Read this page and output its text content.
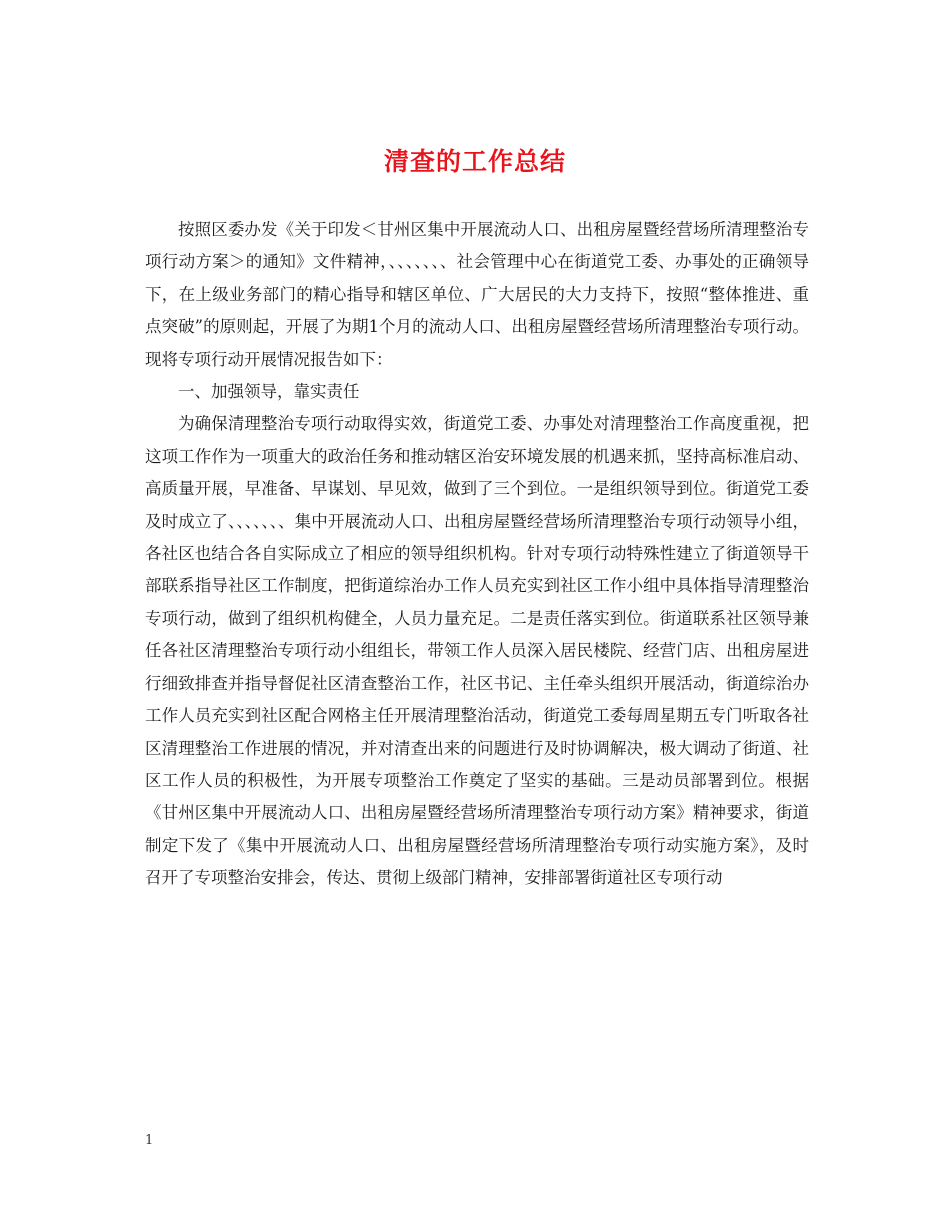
清查的工作总结

按照区委办发《关于印发＜甘州区集中开展流动人口、出租房屋暨经营场所清理整治专项行动方案＞的通知》文件精神，、、、、、、、社会管理中心在街道党工委、办事处的正确领导下，在上级业务部门的精心指导和辖区单位、广大居民的大力支持下，按照“整体推进、重点突破”的原则起，开展了为期1个月的流动人口、出租房屋暨经营场所清理整治专项行动。现将专项行动开展情况报告如下：

一、加强领导，靠实责任

为确保清理整治专项行动取得实效，街道党工委、办事处对清理整治工作高度重视，把这项工作作为一项重大的政治任务和推动辖区治安环境发展的机遇来抓，坚持高标准启动、高质量开展，早准备、早谋划、早见效，做到了三个到位。一是组织领导到位。街道党工委及时成立了、、、、、、、集中开展流动人口、出租房屋暨经营场所清理整治专项行动领导小组，各社区也结合各自实际成立了相应的领导组织机构。针对专项行动特殊性建立了街道领导干部联系指导社区工作制度，把街道综治办工作人员充实到社区工作小组中具体指导清理整治专项行动，做到了组织机构健全，人员力量充足。二是责任落实到位。街道联系社区领导兼任各社区清理整治专项行动小组组长，带领工作人员深入居民楼院、经营门店、出租房屋进行细致排查并指导督促社区清查整治工作，社区书记、主任牵头组织开展活动，街道综治办工作人员充实到社区配合网格主任开展清理整治活动，街道党工委每周星期五专门听取各社区清理整治工作进展的情况，并对清查出来的问题进行及时协调解决，极大调动了街道、社区工作人员的积极性，为开展专项整治工作奠定了坚实的基础。三是动员部署到位。根据《甘州区集中开展流动人口、出租房屋暨经营场所清理整治专项行动方案》精神要求，街道制定下发了《集中开展流动人口、出租房屋暨经营场所清理整治专项行动实施方案》，及时召开了专项整治安排会，传达、贯彻上级部门精神，安排部署街道社区专项行动

1
